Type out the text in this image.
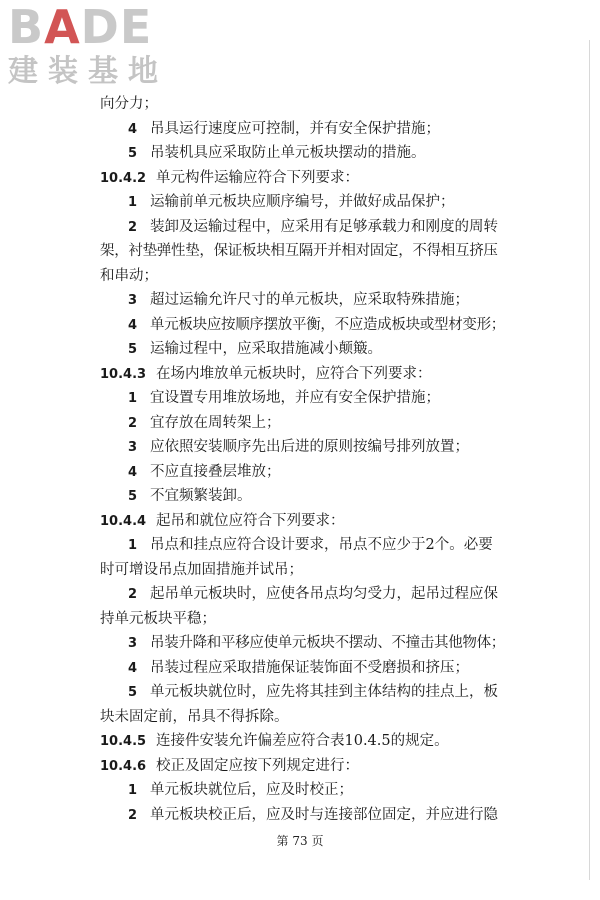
BADE
建装基地
向分力；
4 吊具运行速度应可控制，并有安全保护措施；
5 吊装机具应采取防止单元板块摆动的措施。
10.4.2 单元构件运输应符合下列要求：
1 运输前单元板块应顺序编号，并做好成品保护；
2 装卸及运输过程中，应采用有足够承载力和刚度的周转
架，衬垫弹性垫，保证板块相互隔开并相对固定，不得相互挤压
和串动；
3 超过运输允许尺寸的单元板块，应采取特殊措施；
4 单元板块应按顺序摆放平衡，不应造成板块或型材变形；
5 运输过程中，应采取措施减小颠簸。
10.4.3 在场内堆放单元板块时，应符合下列要求：
1 宜设置专用堆放场地，并应有安全保护措施；
2 宜存放在周转架上；
3 应依照安装顺序先出后进的原则按编号排列放置；
4 不应直接叠层堆放；
5 不宜频繁装卸。
10.4.4 起吊和就位应符合下列要求：
1 吊点和挂点应符合设计要求，吊点不应少于2个。必要
时可增设吊点加固措施并试吊；
2 起吊单元板块时，应使各吊点均匀受力，起吊过程应保
持单元板块平稳；
3 吊装升降和平移应使单元板块不摆动、不撞击其他物体；
4 吊装过程应采取措施保证装饰面不受磨损和挤压；
5 单元板块就位时，应先将其挂到主体结构的挂点上，板
块未固定前，吊具不得拆除。
10.4.5 连接件安装允许偏差应符合表10.4.5的规定。
10.4.6 校正及固定应按下列规定进行：
1 单元板块就位后，应及时校正；
2 单元板块校正后，应及时与连接部位固定，并应进行隐
第 73 页
